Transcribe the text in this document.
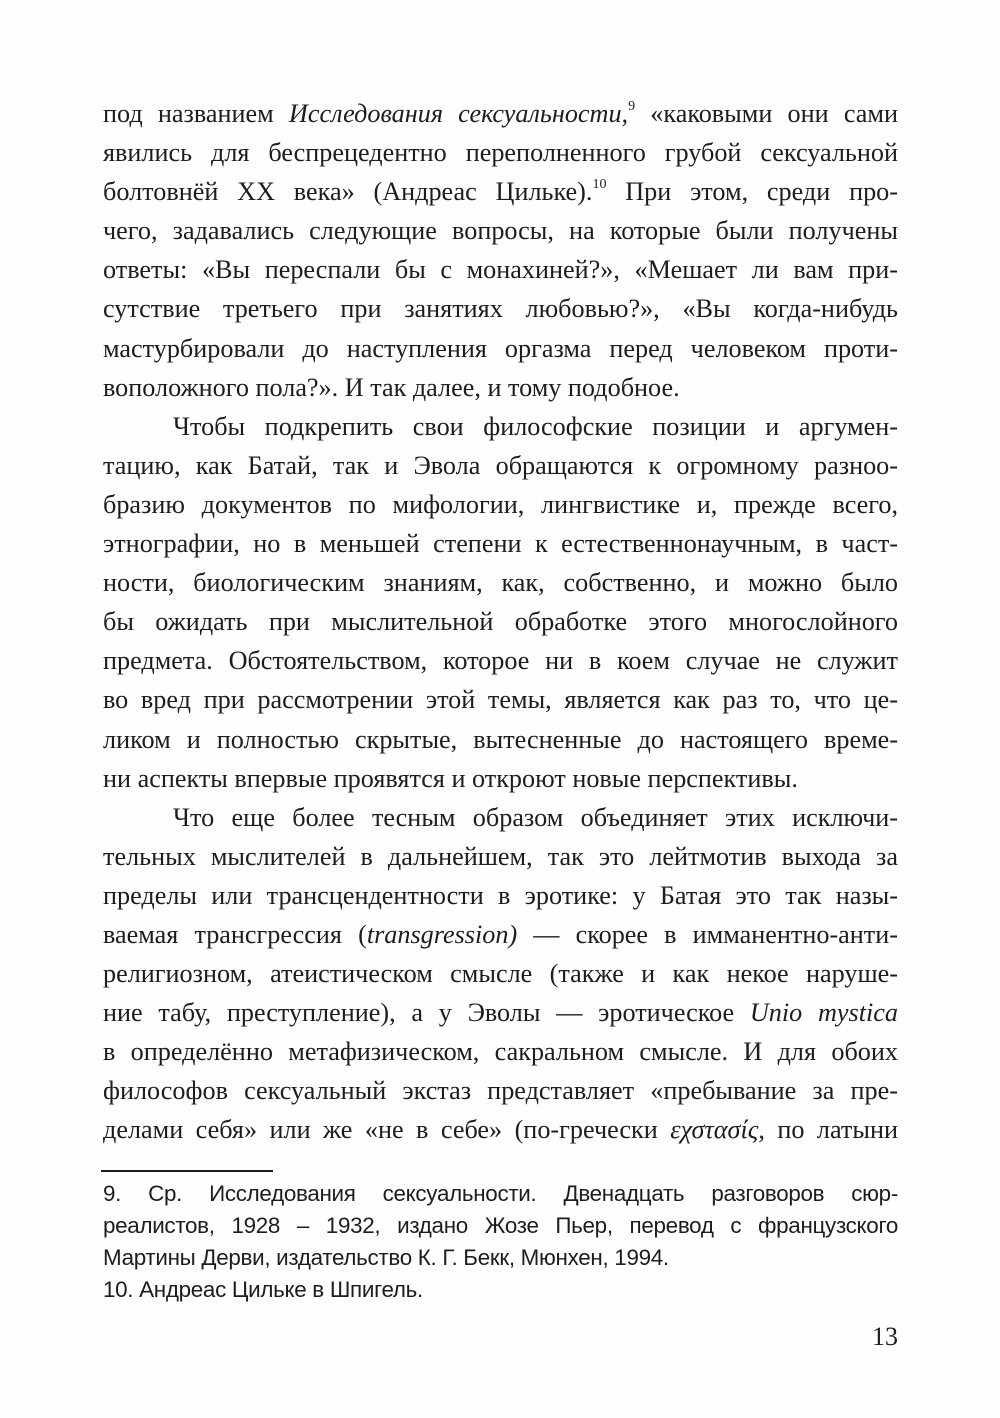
под названием Исследования сексуальности,$^9$ «каковыми они сами
явились для беспрецедентно переполненного грубой сексуальной
болтовнёй XX века» (Андреас Цильке).$^{10}$ При этом, среди про-
чего, задавались следующие вопросы, на которые были получены
ответы: «Вы переспали бы с монахиней?», «Мешает ли вам при-
сутствие третьего при занятиях любовью?», «Вы когда-нибудь
мастурбировали до наступления оргазма перед человеком проти-
воположного пола?». И так далее, и тому подобное.

Чтобы подкрепить свои философские позиции и аргумен-
тацию, как Батай, так и Эвола обращаются к огромному разноо-
бразию документов по мифологии, лингвистике и, прежде всего,
этнографии, но в меньшей степени к естественнонаучным, в част-
ности, биологическим знаниям, как, собственно, и можно было
бы ожидать при мыслительной обработке этого многослойного
предмета. Обстоятельством, которое ни в коем случае не служит
во вред при рассмотрении этой темы, является как раз то, что це-
ликом и полностью скрытые, вытесненные до настоящего време-
ни аспекты впервые проявятся и откроют новые перспективы.

Что еще более тесным образом объединяет этих исключи-
тельных мыслителей в дальнейшем, так это лейтмотив выхода за
пределы или трансцендентности в эротике: у Батая это так назы-
ваемая трансгрессия (transgression) — скорее в имманентно-анти-
религиозном, атеистическом смысле (также и как некое наруше-
ние табу, преступление), а у Эволы — эротическое Unio mystica
в определённо метафизическом, сакральном смысле. И для обоих
философов сексуальный экстаз представляет «пребывание за пре-
делами себя» или же «не в себе» (по-гречески εχστασίς, по латыни

9. Ср. Исследования сексуальности. Двенадцать разговоров сюр-
реалистов, 1928 – 1932, издано Жозе Пьер, перевод с французского
Мартины Дерви, издательство К. Г. Бекк, Мюнхен, 1994.
10. Андреас Цильке в Шпигель.
13
